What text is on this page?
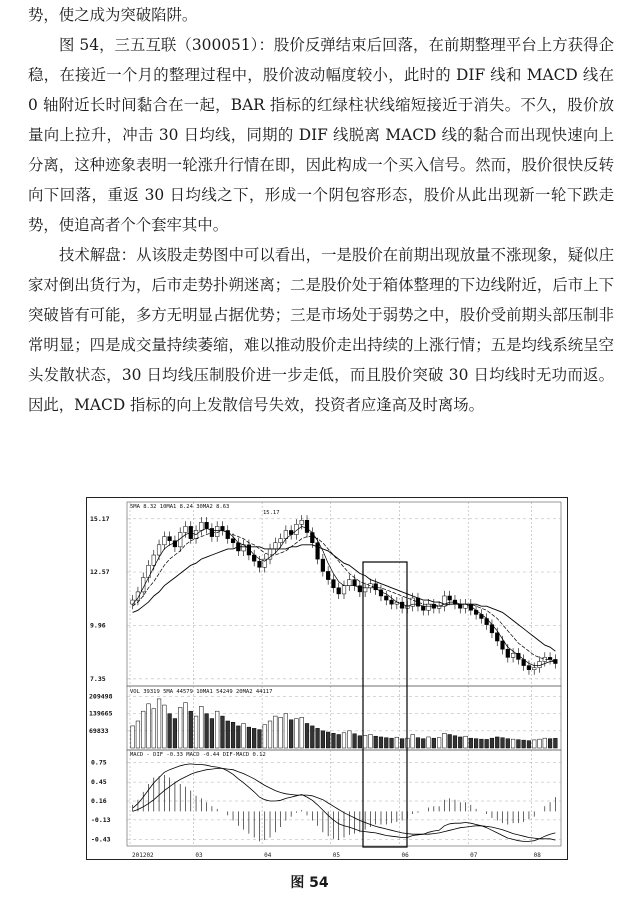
势，使之成为突破陷阱。

图 54，三五互联（300051）：股价反弹结束后回落，在前期整理平台上方获得企稳，在接近一个月的整理过程中，股价波动幅度较小，此时的 DIF 线和 MACD 线在 0 轴附近长时间黏合在一起，BAR 指标的红绿柱状线缩短接近于消失。不久，股价放量向上拉升，冲击 30 日均线，同期的 DIF 线脱离 MACD 线的黏合而出现快速向上分离，这种迹象表明一轮涨升行情在即，因此构成一个买入信号。然而，股价很快反转向下回落，重返 30 日均线之下，形成一个阴包容形态，股价从此出现新一轮下跌走势，使追高者个个套牢其中。

技术解盘：从该股走势图中可以看出，一是股价在前期出现放量不涨现象，疑似庄家对倒出货行为，后市走势扑朔迷离；二是股价处于箱体整理的下边线附近，后市上下突破皆有可能，多方无明显占据优势；三是市场处于弱势之中，股价受前期头部压制非常明显；四是成交量持续萎缩，难以推动股价走出持续的上涨行情；五是均线系统呈空头发散状态，30 日均线压制股价进一步走低，而且股价突破 30 日均线时无功而返。因此，MACD 指标的向上发散信号失效，投资者应逢高及时离场。

201202	03	04	05	06	07	08
15.17
12.57
9.96
7.35
5MA 8.32 10MA1 8.24 30MA2 8.63
15.17
209498
139665
69833
VOL 39319 5MA 44579 10MA1 54249 20MA2 44117
0.75
0.45
0.16
-0.13
-0.43
MACD - DIF -0.33 MACD -0.44 DIF-MACD 0.12
图 54
